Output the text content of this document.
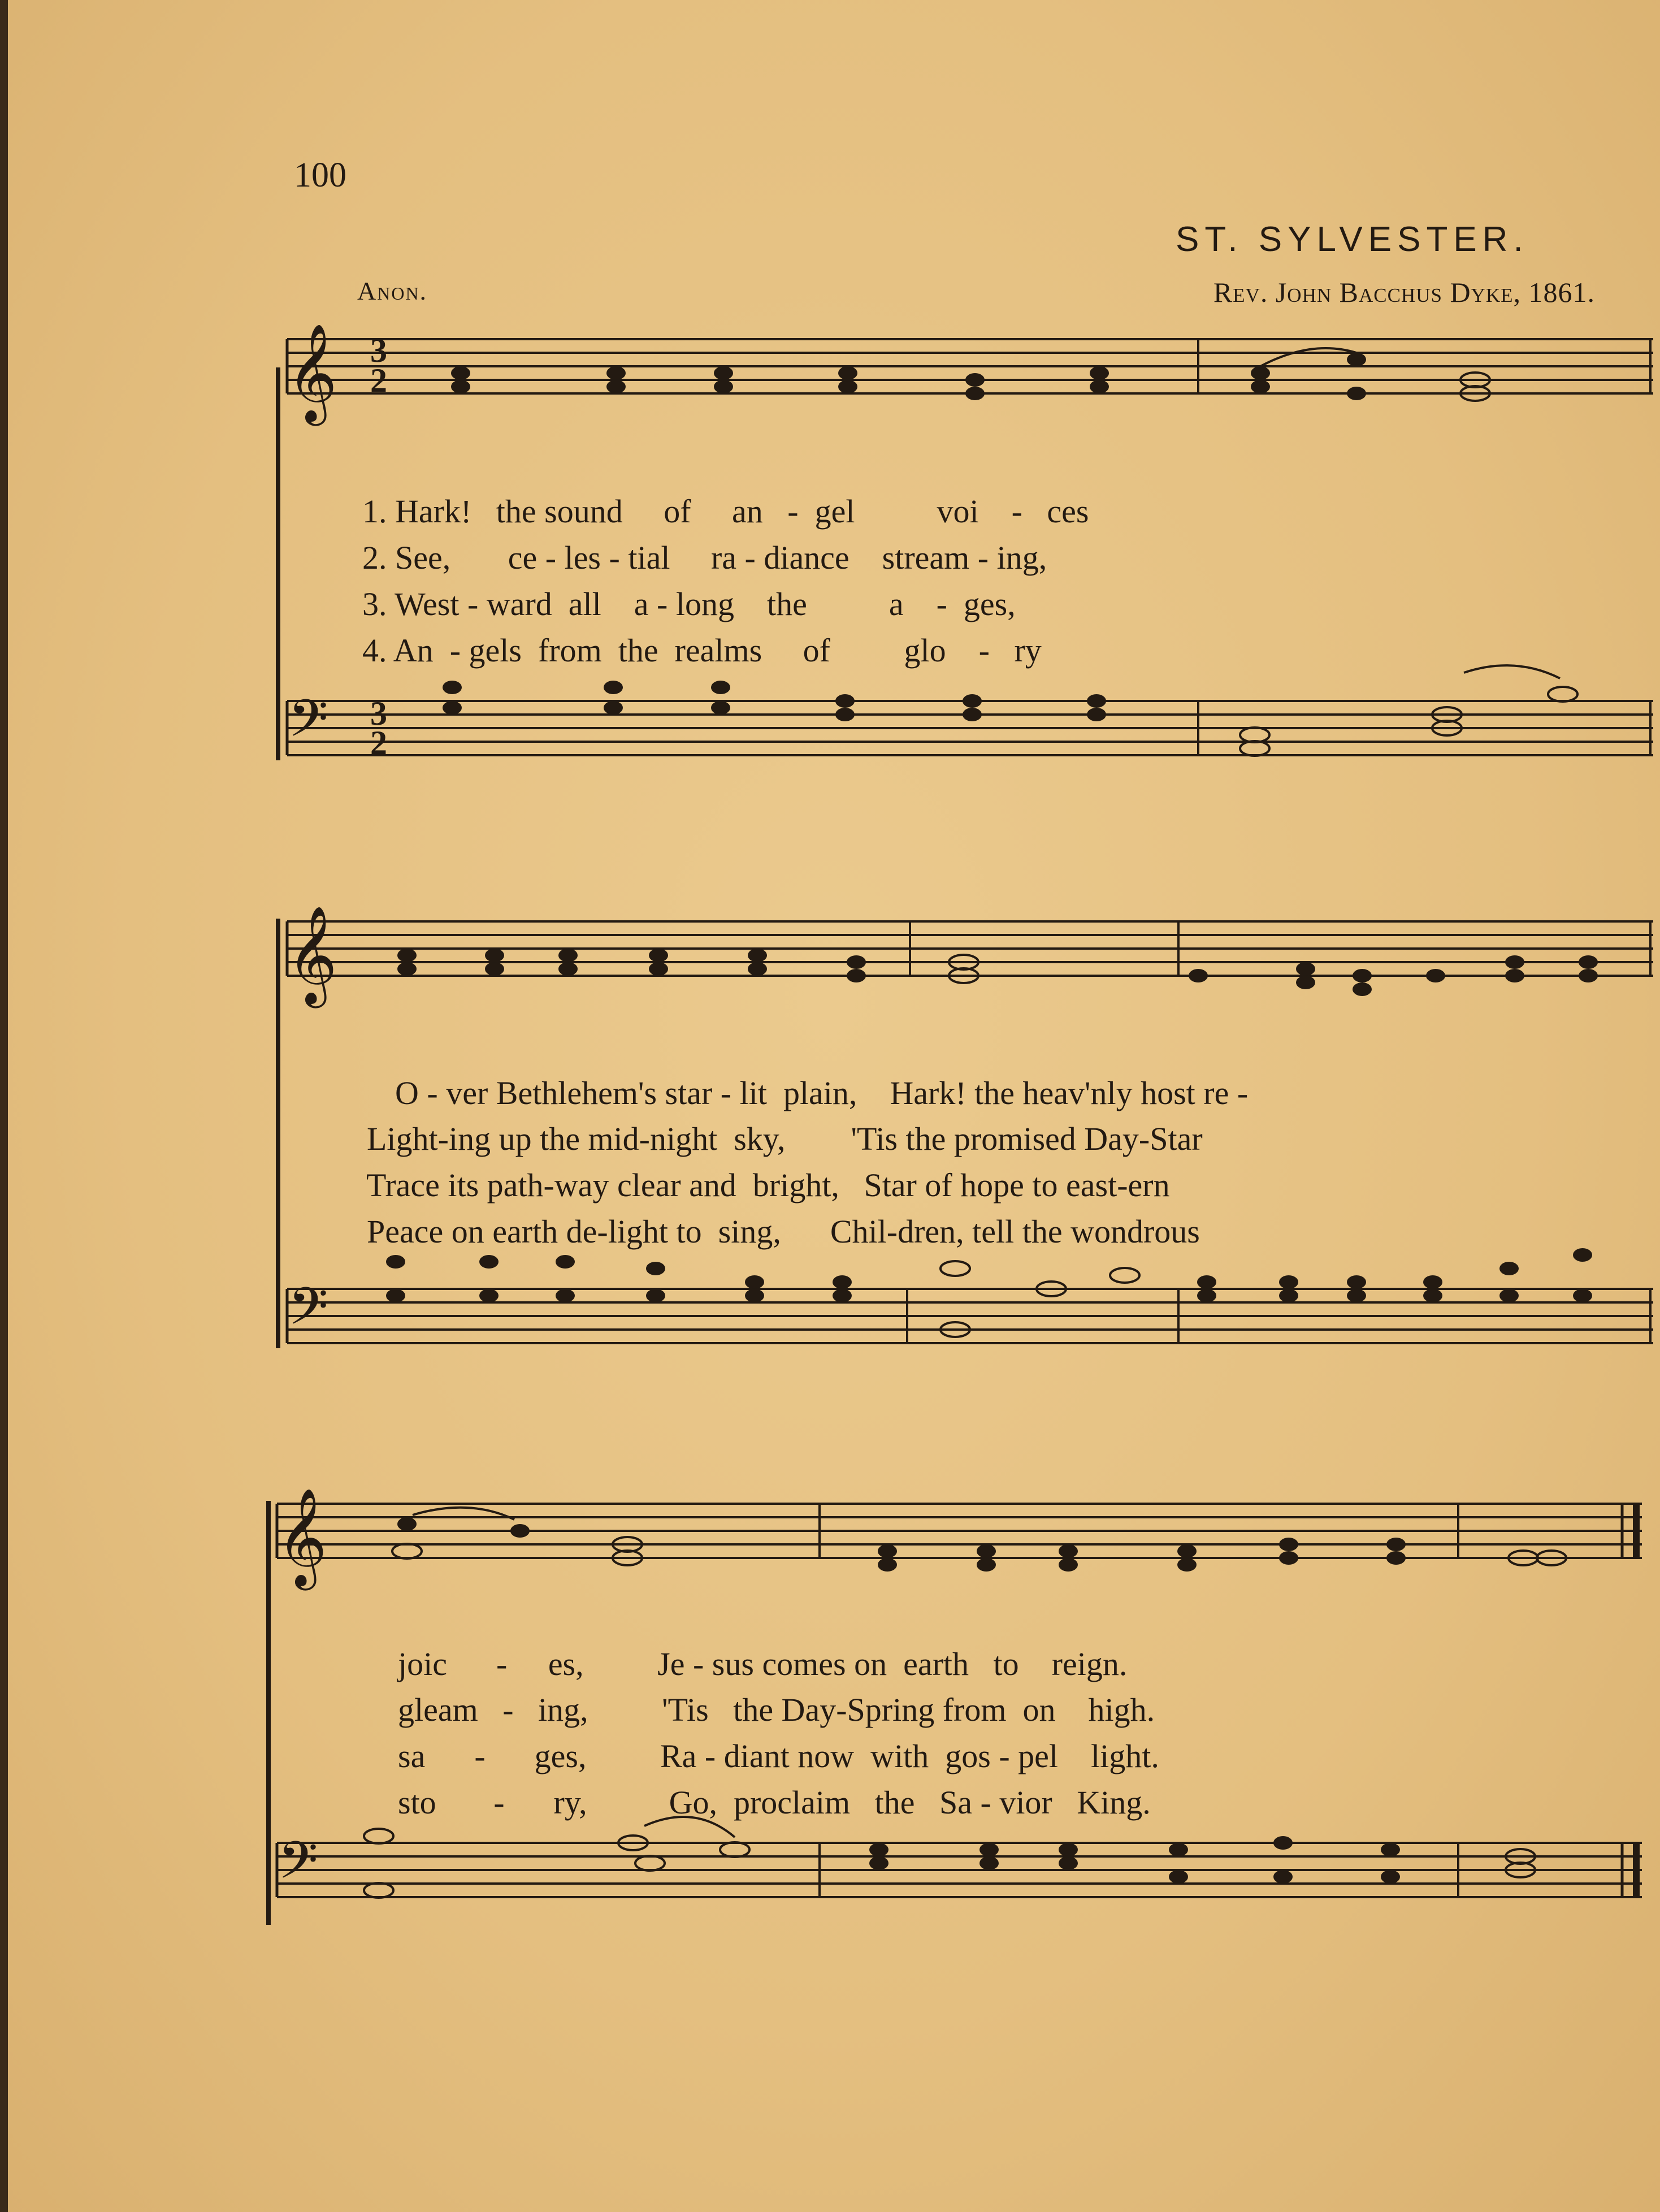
100
ST. SYLVESTER.
Anon.	Rev. John Bacchus Dyke, 1861.
𝄞 3
2

1. Hark! the sound of an - gel	voi - ces

2. See, ce - les - tial ra - diance stream - ing,

3. West - ward all a - long the	a - ges,

4. An - gels from the realms of glo - ry

𝄢 3
2
𝄞

O - ver Bethlehem's star - lit plain, Hark! the heav'nly host re -

Light-ing up the mid-night sky, 'Tis the promised Day-Star

Trace its path-way clear and bright, Star of hope to east-ern

Peace on earth de-light to sing, Chil-dren, tell the wondrous

𝄢
𝄞

joic - es, Je - sus comes on earth to reign.

gleam - ing, 'Tis the Day-Spring from on high.

sa - ges, Ra - diant now with gos - pel light.

sto - ry,	Go, proclaim the Sa - vior King.

𝄢
